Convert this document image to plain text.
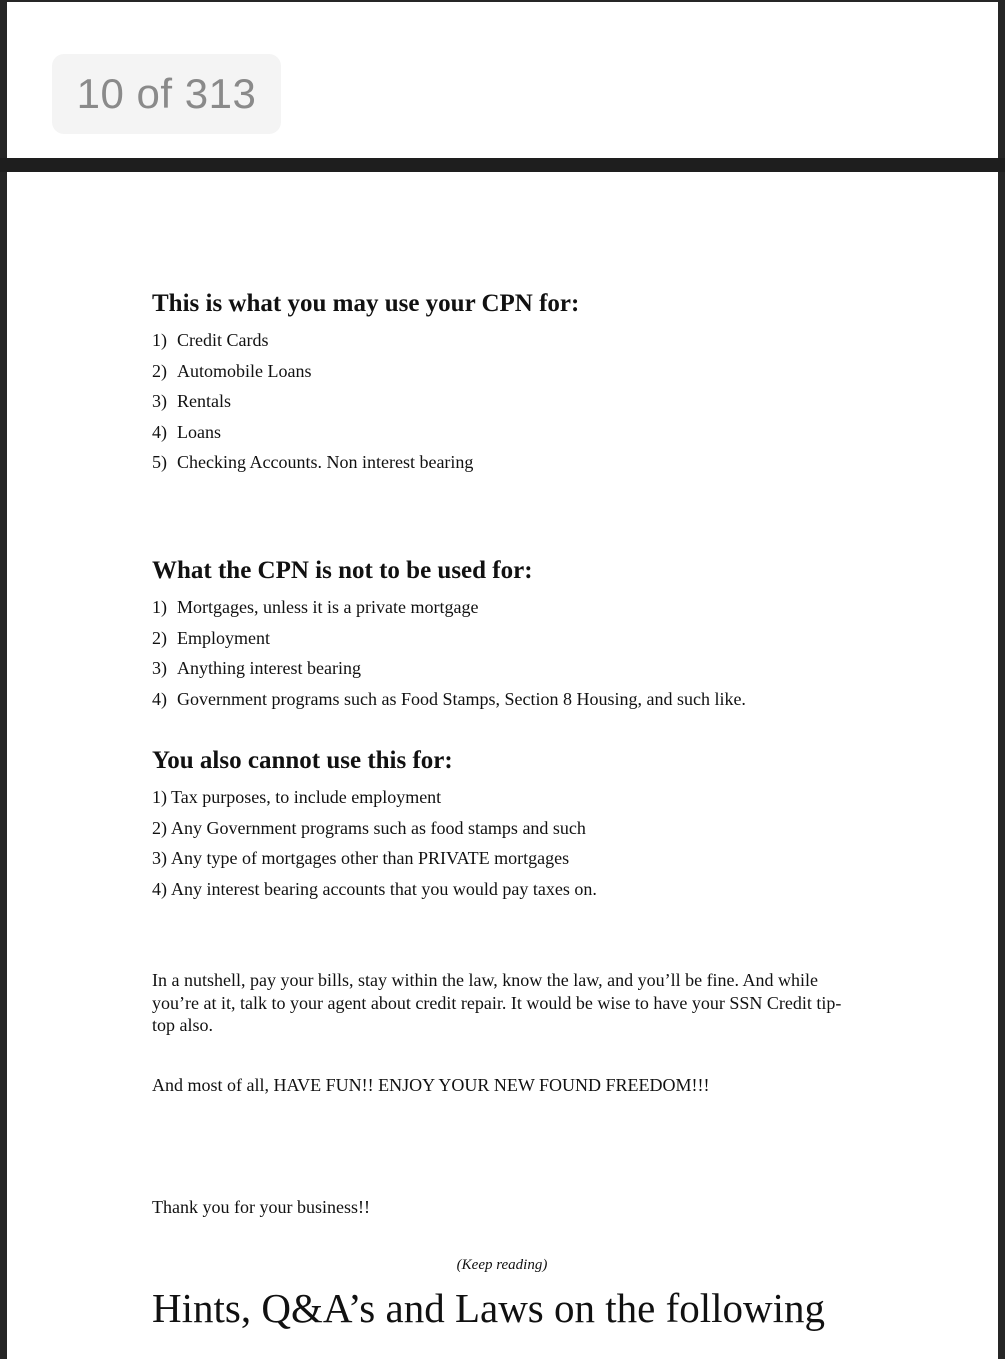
10 of 313
This is what you may use your CPN for:
1) Credit Cards
2) Automobile Loans
3) Rentals
4) Loans
5) Checking Accounts. Non interest bearing
What the CPN is not to be used for:
1) Mortgages, unless it is a private mortgage
2) Employment
3) Anything interest bearing
4) Government programs such as Food Stamps, Section 8 Housing, and such like.
You also cannot use this for:
1) Tax purposes, to include employment
2) Any Government programs such as food stamps and such
3) Any type of mortgages other than PRIVATE mortgages
4) Any interest bearing accounts that you would pay taxes on.
In a nutshell, pay your bills, stay within the law, know the law, and you’ll be fine. And while you’re at it, talk to your agent about credit repair. It would be wise to have your SSN Credit tip-top also.
And most of all, HAVE FUN!! ENJOY YOUR NEW FOUND FREEDOM!!!
Thank you for your business!!
(Keep reading)
Hints, Q&A’s and Laws on the following
